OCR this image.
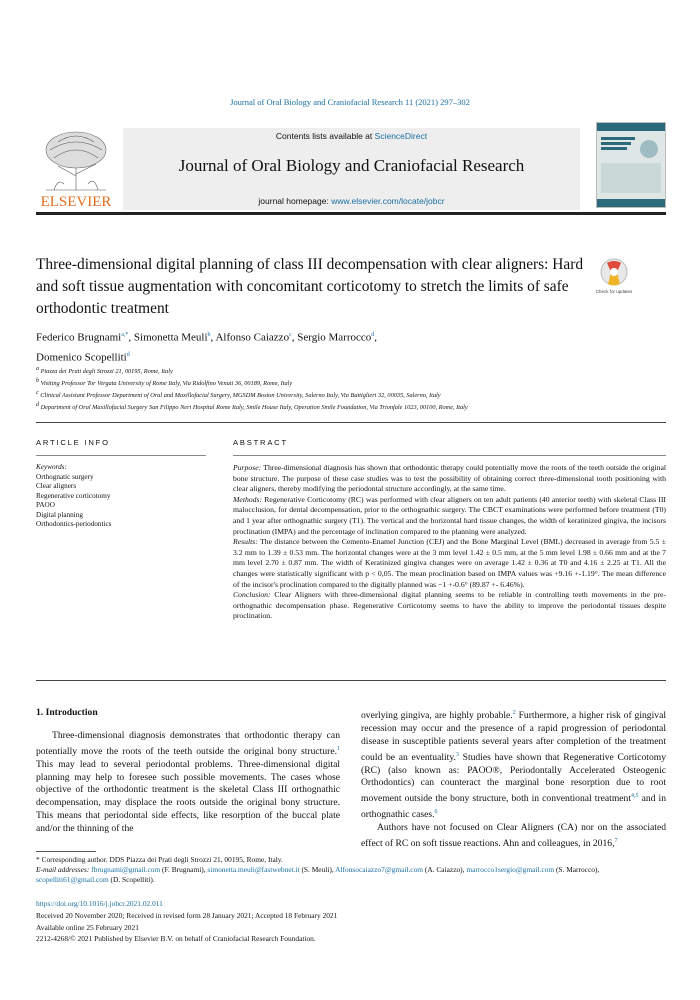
Journal of Oral Biology and Craniofacial Research 11 (2021) 297–302
ELSEVIER
Contents lists available at ScienceDirect
Journal of Oral Biology and Craniofacial Research
journal homepage: www.elsevier.com/locate/jobcr
Three-dimensional digital planning of class III decompensation with clear aligners: Hard and soft tissue augmentation with concomitant corticotomy to stretch the limits of safe orthodontic treatment
Check for updates
Federico Brugnami$^{a,*}$, Simonetta Meuli$^b$, Alfonso Caiazzo$^c$, Sergio Marrocco$^d$,
Domenico Scopelliti$^d$
$^a$ Piazza dei Prati degli Strozzi 21, 00195, Rome, Italy
$^b$ Visiting Professor Tor Vergata University of Rome Italy, Via Ridolfino Venuti 36, 00189, Rome, Italy
$^c$ Clinical Assistant Professor Department of Oral and Maxillofacial Surgery, MGSDM Boston University, Salerno Italy, Via Battiglieri 32, 00035, Salerno, Italy
$^d$ Department of Oral Maxillofacial Surgery San Filippo Neri Hospital Rome Italy, Smile House Italy, Operation Smile Foundation, Via Trionfale 1023, 00100, Rome, Italy
ARTICLE INFO	ABSTRACT
Keywords:
Orthognatic surgery
Clear aligners
Regenerative corticotomy
PAOO
Digital planning
Orthodontics-periodontics
Purpose: Three-dimensional diagnosis has shown that orthodontic therapy could potentially move the roots of the teeth outside the original bone structure. The purpose of these case studies was to test the possibility of obtaining correct three-dimensional tooth positioning with clear aligners, thereby modifying the periodontal structure accordingly, at the same time.
Methods: Regenerative Corticotomy (RC) was performed with clear aligners on ten adult patients (40 anterior teeth) with skeletal Class III malocclusion, for dental decompensation, prior to the orthognathic surgery. The CBCT examinations were performed before treatment (T0) and 1 year after orthognathic surgery (T1). The vertical and the horizontal hard tissue changes, the width of keratinized gingiva, the incisors proclination (IMPA) and the percentage of inclination compared to the planning were analyzed.
Results: The distance between the Cemento-Enamel Junction (CEJ) and the Bone Marginal Level (BML) decreased in average from 5.5 ± 3.2 mm to 1.39 ± 0.53 mm. The horizontal changes were at the 3 mm level 1.42 ± 0.5 mm, at the 5 mm level 1.98 ± 0.66 mm and at the 7 mm level 2.70 ± 0.87 mm. The width of Keratinized gingiva changes were on average 1.42 ± 0.36 at T0 and 4.16 ± 2.25 at T1. All the changes were statistically significant with p < 0,05. The mean proclination based on IMPA values was +9.16 +-1.19°. The mean difference of the incisor's proclination compared to the digitally planned was −1 +-0.6° (89.87 +- 6.46%).
Conclusion: Clear Aligners with three-dimensional digital planning seems to be reliable in controlling teeth movements in the pre-orthognathic decompensation phase. Regenerative Corticotomy seems to have the ability to improve the periodontal tissues despite proclination.
1. Introduction

Three-dimensional diagnosis demonstrates that orthodontic therapy can potentially move the roots of the teeth outside the original bony structure.$^1$ This may lead to several periodontal problems. Three-dimensional digital planning may help to foresee such possible movements. The cases whose objective of the orthodontic treatment is the skeletal Class III orthognathic decompensation, may displace the roots outside the original bony structure. This means that periodontal side effects, like resorption of the buccal plate and/or the thinning of the

overlying gingiva, are highly probable.$^2$ Furthermore, a higher risk of gingival recession may occur and the presence of a rapid progression of periodontal disease in susceptible patients several years after completion of the treatment could be an eventuality.$^3$ Studies have shown that Regenerative Corticotomy (RC) (also known as: PAOO®, Periodontally Accelerated Osteogenic Orthodontics) can counteract the marginal bone resorption due to root movement outside the bony structure, both in conventional treatment$^{4,5}$ and in orthognathic cases.$^6$

Authors have not focused on Clear Aligners (CA) nor on the associated effect of RC on soft tissue reactions. Ahn and colleagues, in 2016,$^7$

* Corresponding author. DDS Piazza dei Prati degli Strozzi 21, 00195, Rome, Italy.
E-mail addresses: fbrugnami@gmail.com (F. Brugnami), simonetta.meuli@fastwebnet.it (S. Meuli), Alfonsocaiazzo7@gmail.com (A. Caiazzo), marrocco1sergio@gmail.com (S. Marrocco), scopelliti61@gmail.com (D. Scopelliti).
https://doi.org/10.1016/j.jobcr.2021.02.011
Received 20 November 2020; Received in revised form 28 January 2021; Accepted 18 February 2021
Available online 25 February 2021
2212-4268/© 2021 Published by Elsevier B.V. on behalf of Craniofacial Research Foundation.
